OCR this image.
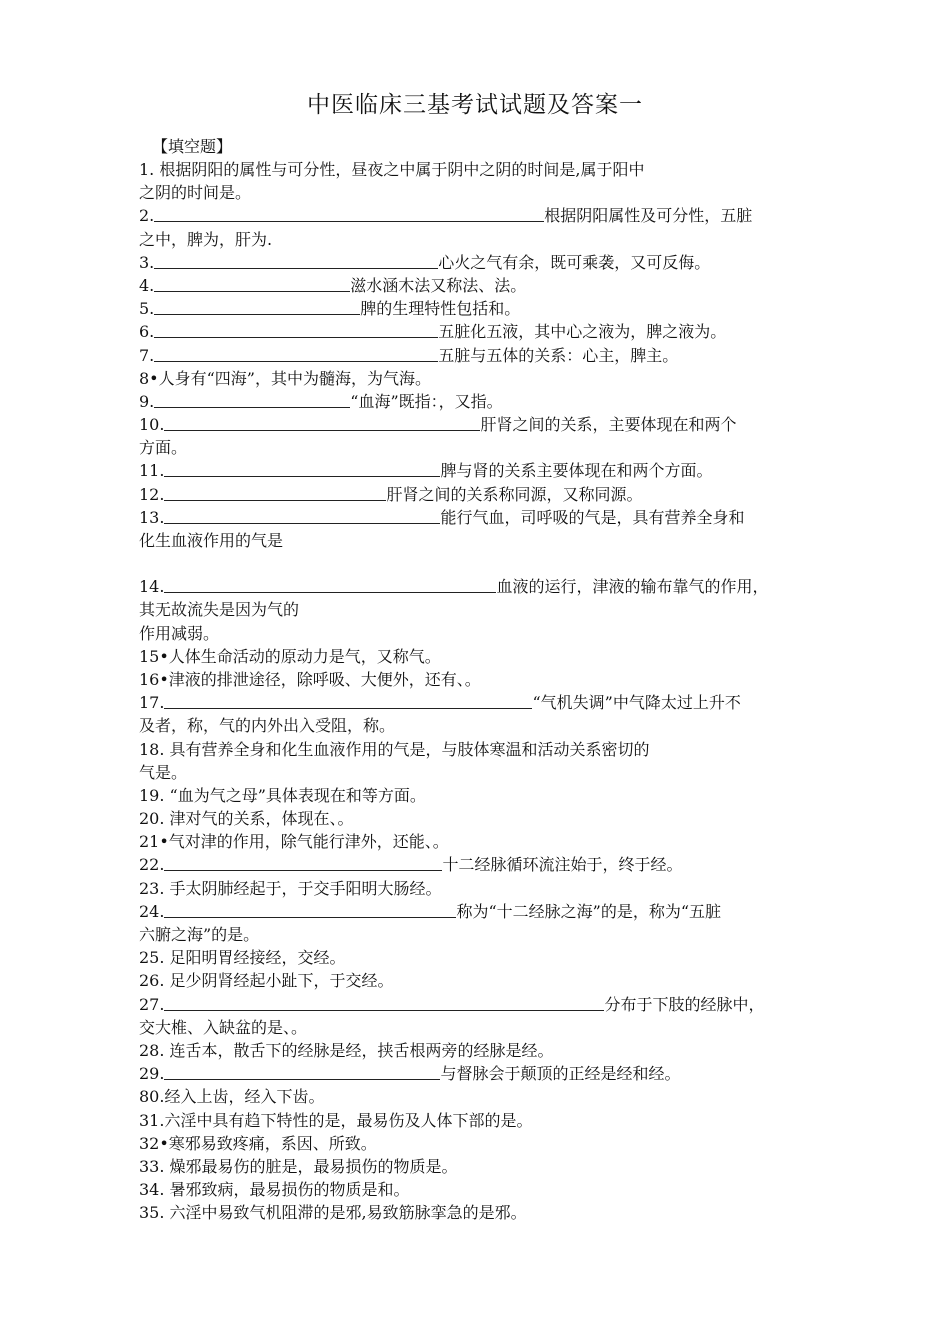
中医临床三基考试试题及答案一
【填空题】
1. 根据阴阳的属性与可分性，昼夜之中属于阴中之阴的时间是,属于阳中
之阴的时间是。
2.	根据阴阳属性及可分性，五脏
之中，脾为，肝为.
3.	心火之气有余，既可乘袭，又可反侮。
4.	滋水涵木法又称法、法。
5.	脾的生理特性包括和。
6.	五脏化五液，其中心之液为，脾之液为。
7.	五脏与五体的关系：心主，脾主。
8•人身有“四海”，其中为髓海，为气海。
9.	“血海”既指：，又指。
10.	肝肾之间的关系，主要体现在和两个
方面。
11.	脾与肾的关系主要体现在和两个方面。
12.	肝肾之间的关系称同源，又称同源。
13.	能行气血，司呼吸的气是，具有营养全身和
化生血液作用的气是
14.	血液的运行，津液的输布靠气的作用，
其无故流失是因为气的
作用减弱。
15•人体生命活动的原动力是气，又称气。
16•津液的排泄途径，除呼吸、大便外，还有、。
17.	“气机失调”中气降太过上升不
及者，称，气的内外出入受阻，称。
18. 具有营养全身和化生血液作用的气是，与肢体寒温和活动关系密切的
气是。
19. “血为气之母”具体表现在和等方面。
20. 津对气的关系，体现在、。
21•气对津的作用，除气能行津外，还能、。
22.	十二经脉循环流注始于，终于经。
23. 手太阴肺经起于，于交手阳明大肠经。
24.	称为“十二经脉之海”的是，称为“五脏
六腑之海”的是。
25. 足阳明胃经接经，交经。
26. 足少阴肾经起小趾下，于交经。
27.	分布于下肢的经脉中，
交大椎、入缺盆的是、。
28. 连舌本，散舌下的经脉是经，挟舌根两旁的经脉是经。
29.	与督脉会于颠顶的正经是经和经。
80.经入上齿，经入下齿。
31.六淫中具有趋下特性的是，最易伤及人体下部的是。
32•寒邪易致疼痛，系因、所致。
33. 燥邪最易伤的脏是，最易损伤的物质是。
34. 暑邪致病，最易损伤的物质是和。
35. 六淫中易致气机阻滞的是邪,易致筋脉挛急的是邪。
